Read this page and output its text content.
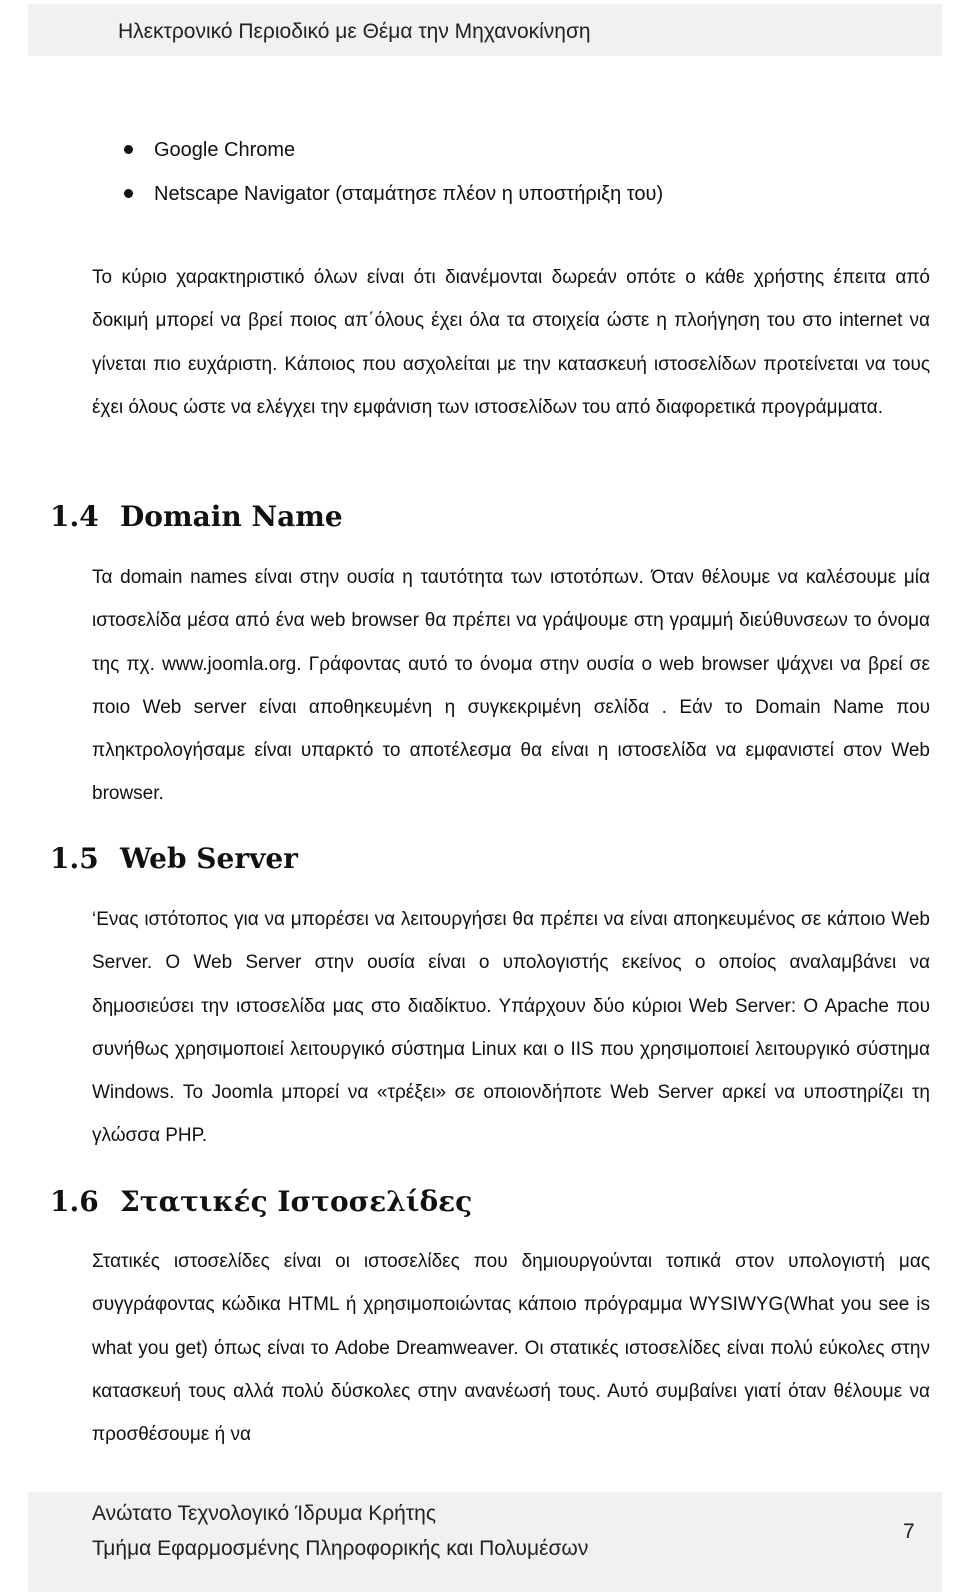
Ηλεκτρονικό Περιοδικό με Θέμα την Μηχανοκίνηση
Google Chrome
Netscape Navigator (σταμάτησε πλέον η υποστήριξη του)

Το κύριο χαρακτηριστικό όλων είναι ότι διανέμονται δωρεάν οπότε ο κάθε χρήστης έπειτα από δοκιμή μπορεί να βρεί ποιος απ΄όλους έχει όλα τα στοιχεία ώστε η πλοήγηση του στο internet να γίνεται πιο ευχάριστη. Κάποιος που ασχολείται με την κατασκευή ιστοσελίδων προτείνεται να τους έχει όλους ώστε να ελέγχει την εμφάνιση των ιστοσελίδων του από διαφορετικά προγράμματα.

1.4 Domain Name

Τα domain names είναι στην ουσία η ταυτότητα των ιστοτόπων. Όταν θέλουμε να καλέσουμε μία ιστοσελίδα μέσα από ένα web browser θα πρέπει να γράψουμε στη γραμμή διεύθυνσεων το όνομα της πχ. www.joomla.org. Γράφοντας αυτό το όνομα στην ουσία ο web browser ψάχνει να βρεί σε ποιο Web server είναι αποθηκευμένη η συγκεκριμένη σελίδα . Εάν το Domain Name που πληκτρολογήσαμε είναι υπαρκτό το αποτέλεσμα θα είναι η ιστοσελίδα να εμφανιστεί στον Web browser.

1.5 Web Server

‘Ενας ιστότοπος για να μπορέσει να λειτουργήσει θα πρέπει να είναι αποηκευμένος σε κάποιο Web Server. O Web Server στην ουσία είναι ο υπολογιστής εκείνος ο οποίος αναλαμβάνει να δημοσιεύσει την ιστοσελίδα μας στο διαδίκτυο. Υπάρχουν δύο κύριοι Web Server: O Apache που συνήθως χρησιμοποιεί λειτουργικό σύστημα Linux και ο IIS που χρησιμοποιεί λειτουργικό σύστημα Windows. Το Joomla μπορεί να «τρέξει» σε οποιονδήποτε Web Server αρκεί να υποστηρίζει τη γλώσσα PHP.

1.6 Στατικές Ιστοσελίδες

Στατικές ιστοσελίδες είναι οι ιστοσελίδες που δημιουργούνται τοπικά στον υπολογιστή μας συγγράφοντας κώδικα HTML ή χρησιμοποιώντας κάποιο πρόγραμμα WYSIWYG(What you see is what you get) όπως είναι το Adobe Dreamweaver. Οι στατικές ιστοσελίδες είναι πολύ εύκολες στην κατασκευή τους αλλά πολύ δύσκολες στην ανανέωσή τους. Αυτό συμβαίνει γιατί όταν θέλουμε να προσθέσουμε ή να

Ανώτατο Τεχνολογικό Ίδρυμα Κρήτης
Τμήμα Εφαρμοσμένης Πληροφορικής και Πολυμέσων
7
